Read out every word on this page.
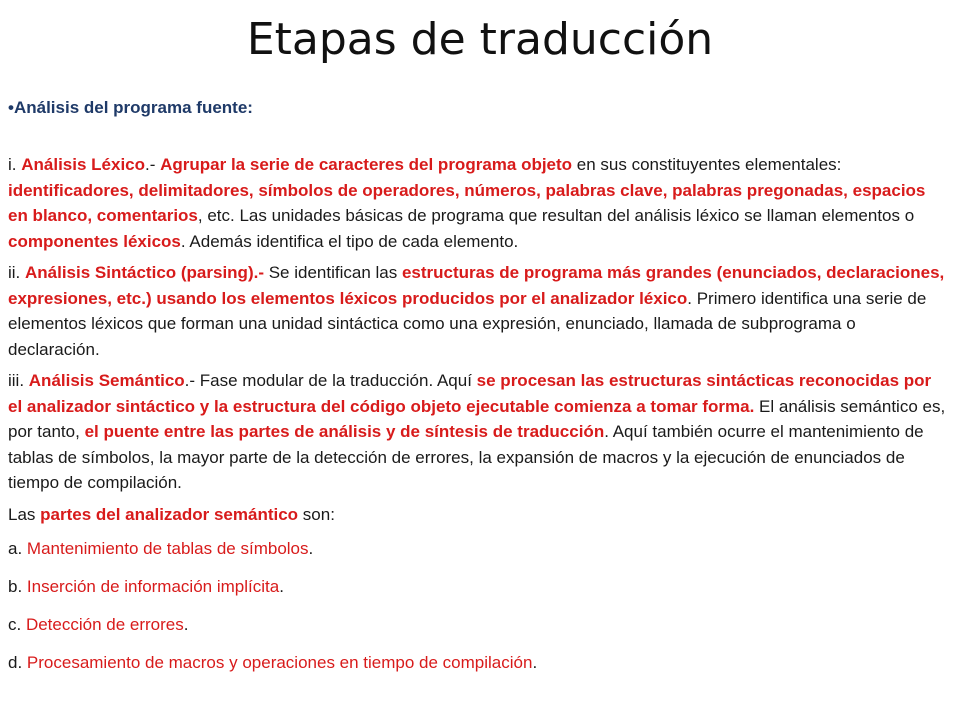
Etapas de traducción
•Análisis del programa fuente:

i. Análisis Léxico.- Agrupar la serie de caracteres del programa objeto en sus constituyentes elementales: identificadores, delimitadores, símbolos de operadores, números, palabras clave, palabras pregonadas, espacios en blanco, comentarios, etc. Las unidades básicas de programa que resultan del análisis léxico se llaman elementos o componentes léxicos. Además identifica el tipo de cada elemento.

ii. Análisis Sintáctico (parsing).- Se identifican las estructuras de programa más grandes (enunciados, declaraciones, expresiones, etc.) usando los elementos léxicos producidos por el analizador léxico. Primero identifica una serie de elementos léxicos que forman una unidad sintáctica como una expresión, enunciado, llamada de subprograma o declaración.

iii. Análisis Semántico.- Fase modular de la traducción. Aquí se procesan las estructuras sintácticas reconocidas por el analizador sintáctico y la estructura del código objeto ejecutable comienza a tomar forma. El análisis semántico es, por tanto, el puente entre las partes de análisis y de síntesis de traducción. Aquí también ocurre el mantenimiento de tablas de símbolos, la mayor parte de la detección de errores, la expansión de macros y la ejecución de enunciados de tiempo de compilación.

Las partes del analizador semántico son:

a. Mantenimiento de tablas de símbolos.

b. Inserción de información implícita.

c. Detección de errores.

d. Procesamiento de macros y operaciones en tiempo de compilación.
